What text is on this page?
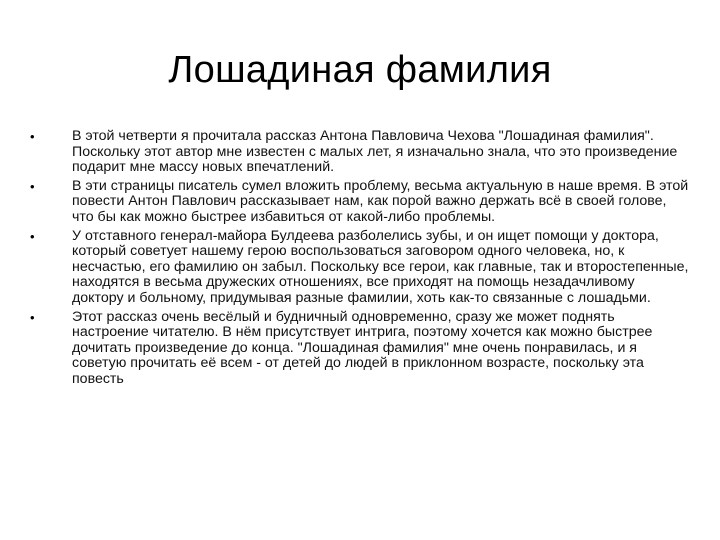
Лошадиная фамилия
•	В этой четверти я прочитала рассказ Антона Павловича Чехова "Лошадиная фамилия". Поскольку этот автор мне известен с малых лет, я изначально знала, что это произведение подарит мне массу новых впечатлений.
•	В эти страницы писатель сумел вложить проблему, весьма актуальную в наше время. В этой повести Антон Павлович рассказывает нам, как порой важно держать всё в своей голове, что бы как можно быстрее избавиться от какой-либо проблемы.
•	У отставного генерал-майора Булдеева разболелись зубы, и он ищет помощи у доктора, который советует нашему герою воспользоваться заговором одного человека, но, к несчастью, его фамилию он забыл. Поскольку все герои, как главные, так и второстепенные, находятся в весьма дружеских отношениях, все приходят на помощь незадачливому доктору и больному, придумывая разные фамилии, хоть как-то связанные с лошадьми.
•	Этот рассказ очень весёлый и будничный одновременно, сразу же может поднять настроение читателю. В нём присутствует интрига, поэтому хочется как можно быстрее дочитать произведение до конца. "Лошадиная фамилия" мне очень понравилась, и я советую прочитать её всем - от детей до людей в приклонном возрасте, поскольку эта повесть
